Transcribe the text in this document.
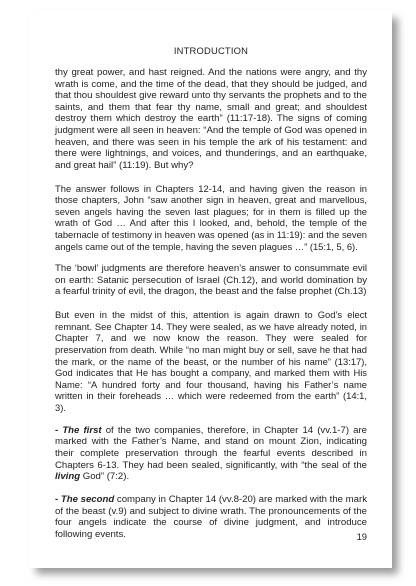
INTRODUCTION

thy great power, and hast reigned. And the nations were angry, and thy wrath is come, and the time of the dead, that they should be judged, and that thou shouldest give reward unto thy servants the prophets and to the saints, and them that fear thy name, small and great; and shouldest destroy them which destroy the earth” (11:17-18). The signs of coming judgment were all seen in heaven: “And the temple of God was opened in heaven, and there was seen in his temple the ark of his testament: and there were lightnings, and voices, and thunderings, and an earthquake, and great hail” (11:19). But why?

The answer follows in Chapters 12-14, and having given the reason in those chapters, John “saw another sign in heaven, great and marvellous, seven angels having the seven last plagues; for in them is filled up the wrath of God … And after this I looked, and, behold, the temple of the tabernacle of testimony in heaven was opened (as in 11:19): and the seven angels came out of the temple, having the seven plagues …” (15:1, 5, 6).

The ‘bowl’ judgments are therefore heaven’s answer to consummate evil on earth: Satanic persecution of Israel (Ch.12), and world domination by a fearful trinity of evil, the dragon, the beast and the false prophet (Ch.13)

But even in the midst of this, attention is again drawn to God’s elect remnant. See Chapter 14. They were sealed, as we have already noted, in Chapter 7, and we now know the reason. They were sealed for preservation from death. While “no man might buy or sell, save he that had the mark, or the name of the beast, or the number of his name” (13:17), God indicates that He has bought a company, and marked them with His Name: “A hundred forty and four thousand, having his Father’s name written in their foreheads … which were redeemed from the earth” (14:1, 3).

- The first of the two companies, therefore, in Chapter 14 (vv.1-7) are marked with the Father’s Name, and stand on mount Zion, indicating their complete preservation through the fearful events described in Chapters 6-13. They had been sealed, significantly, with “the seal of the living God” (7:2).

- The second company in Chapter 14 (vv.8-20) are marked with the mark of the beast (v.9) and subject to divine wrath. The pronouncements of the four angels indicate the course of divine judgment, and introduce following events.	19
